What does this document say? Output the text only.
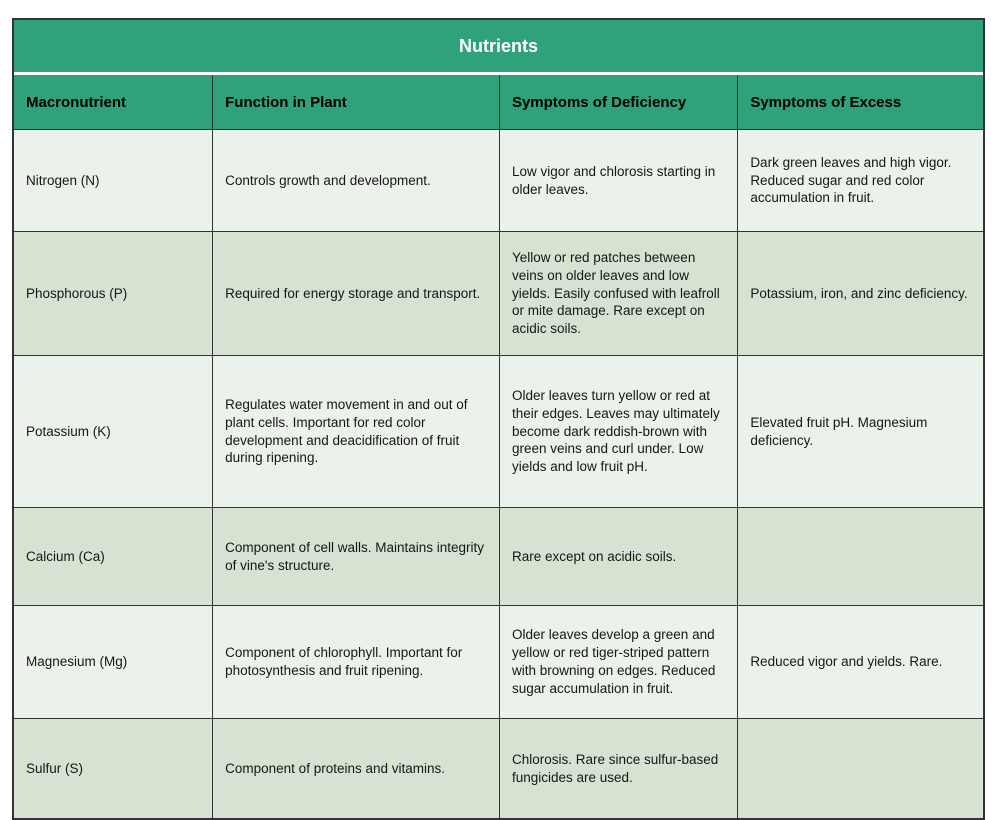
Nutrients
Macronutrient	Function in Plant	Symptoms of Deficiency	Symptoms of Excess
Nitrogen (N)	Controls growth and development.	Low vigor and chlorosis starting in older leaves.	Dark green leaves and high vigor. Reduced sugar and red color accumulation in fruit.
Phosphorous (P)	Required for energy storage and transport.	Yellow or red patches between veins on older leaves and low yields. Easily confused with leafroll or mite damage. Rare except on acidic soils.	Potassium, iron, and zinc deficiency.
Potassium (K)	Regulates water movement in and out of plant cells. Important for red color development and deacidification of fruit during ripening.	Older leaves turn yellow or red at their edges. Leaves may ultimately become dark reddish-brown with green veins and curl under. Low yields and low fruit pH.	Elevated fruit pH. Magnesium deficiency.
Calcium (Ca)	Component of cell walls. Maintains integrity of vine's structure.	Rare except on acidic soils.	
Magnesium (Mg)	Component of chlorophyll. Important for photosynthesis and fruit ripening.	Older leaves develop a green and yellow or red tiger-striped pattern with browning on edges. Reduced sugar accumulation in fruit.	Reduced vigor and yields. Rare.
Sulfur (S)	Component of proteins and vitamins.	Chlorosis. Rare since sulfur-based fungicides are used.	
